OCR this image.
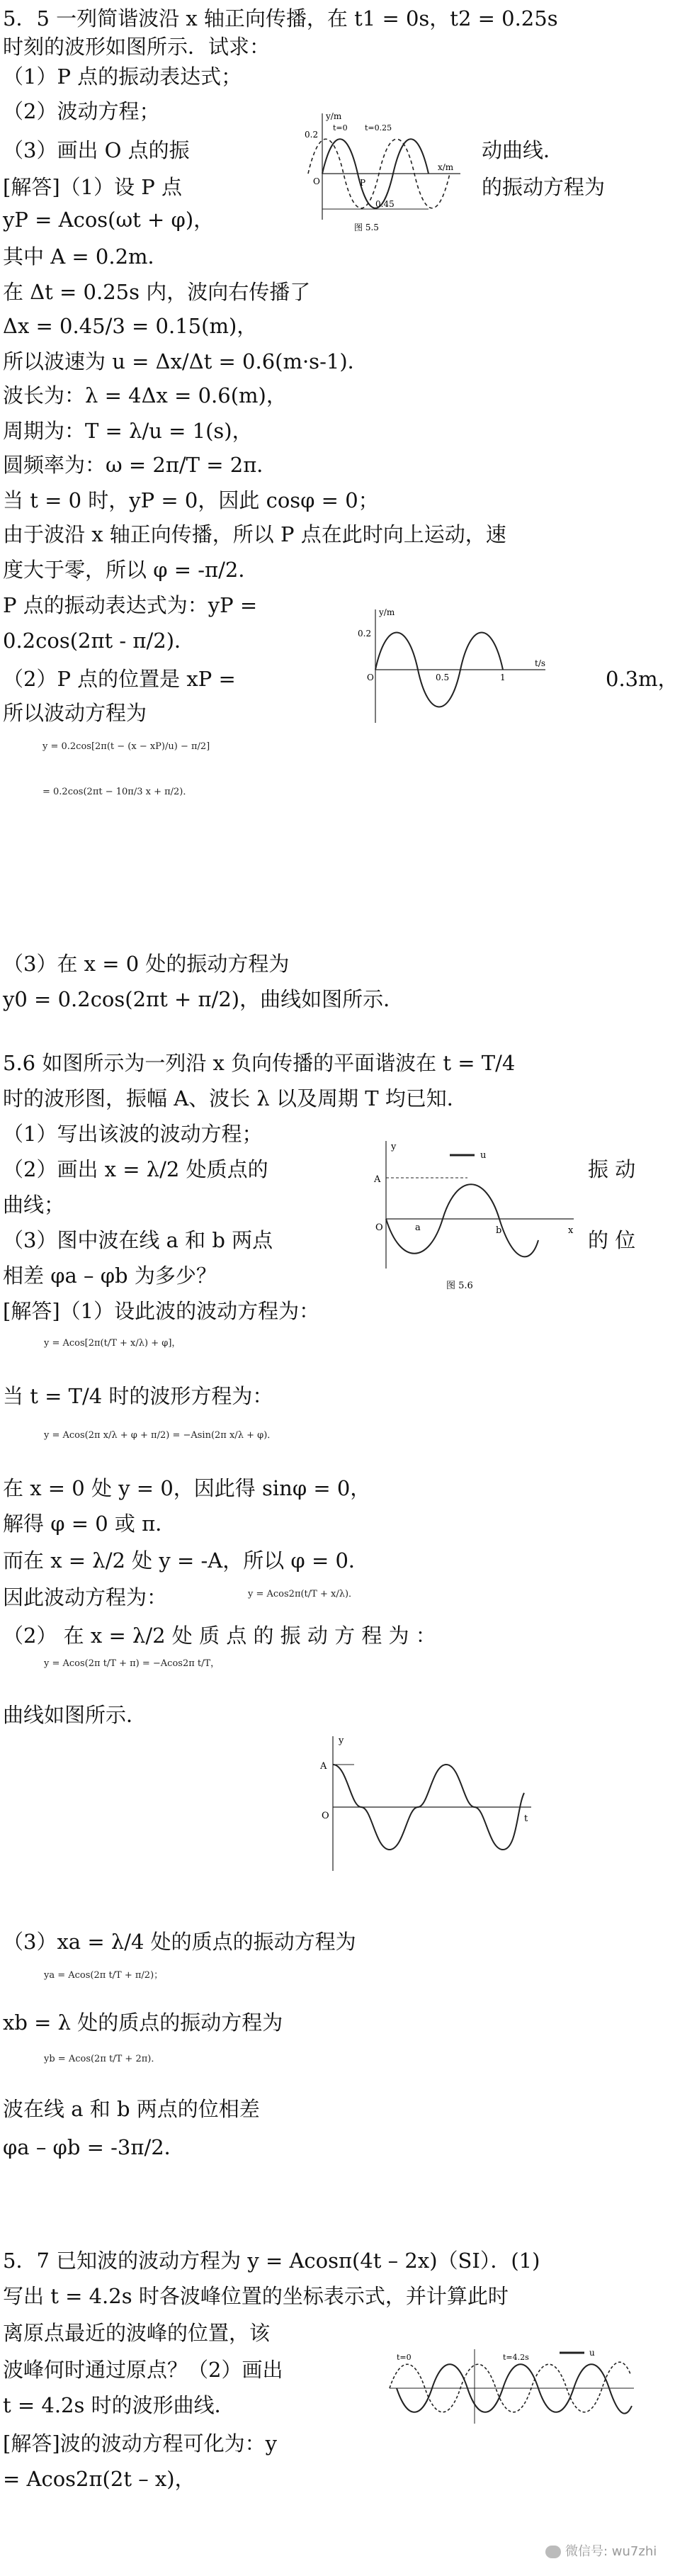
5．5 一列简谐波沿 x 轴正向传播，在 t1 = 0s，t2 = 0.25s
时刻的波形如图所示．试求：
（1）P 点的振动表达式；
（2）波动方程；
（3）画出 O 点的振	动曲线．
[解答]（1）设 P 点	的振动方程为
yP = Acos(ωt + φ)，
其中 A = 0.2m．
在 Δt = 0.25s 内，波向右传播了
Δx = 0.45/3 = 0.15(m)，
所以波速为 u = Δx/Δt = 0.6(m·s-1)．
波长为：λ = 4Δx = 0.6(m)，
周期为：T = λ/u = 1(s)，
圆频率为：ω = 2π/T = 2π．
当 t = 0 时，yP = 0，因此 cosφ = 0；
由于波沿 x 轴正向传播，所以 P 点在此时向上运动，速
度大于零，所以 φ = -π/2．
P 点的振动表达式为：yP =
0.2cos(2πt - π/2)．
（2）P 点的位置是 xP =	0.3m，
所以波动方程为
y = 0.2cos[2π(t − (x − xP)/u) − π/2]
= 0.2cos(2πt − 10π/3 x + π/2)．
（3）在 x = 0 处的振动方程为
y0 = 0.2cos(2πt + π/2)，曲线如图所示．
y/m
x/m
0.2
t=0 t=0.25
O	P
0.45
图 5.5
y/m
t/s
0.2
O	0.5	1
5.6 如图所示为一列沿 x 负向传播的平面谐波在 t = T/4
时的波形图，振幅 A、波长 λ 以及周期 T 均已知．
（1）写出该波的波动方程；
（2）画出 x = λ/2 处质点的	振 动
曲线；
（3）图中波在线 a 和 b 两点	的 位
相差 φa – φb 为多少？
[解答]（1）设此波的波动方程为：
y = Acos[2π(t/T + x/λ) + φ]，
当 t = T/4 时的波形方程为：
y = Acos(2π x/λ + φ + π/2) = −Asin(2π x/λ + φ)．
在 x = 0 处 y = 0，因此得 sinφ = 0，
解得 φ = 0 或 π．
而在 x = λ/2 处 y = -A，所以 φ = 0．
因此波动方程为：	y = Acos2π(t/T + x/λ)．
（2） 在 x = λ/2 处 质 点 的 振 动 方 程 为 ：
y = Acos(2π t/T + π) = −Acos2π t/T，
曲线如图所示．
（3）xa = λ/4 处的质点的振动方程为
ya = Acos(2π t/T + π/2)；
xb = λ 处的质点的振动方程为
yb = Acos(2π t/T + 2π)．
波在线 a 和 b 两点的位相差
φa – φb = -3π/2．
y
x
A
O	a	b
u
图 5.6
y
t
A
O
5．7 已知波的波动方程为 y = Acosπ(4t – 2x)（SI）．(1)
写出 t = 4.2s 时各波峰位置的坐标表示式，并计算此时
离原点最近的波峰的位置，该
波峰何时通过原点？（2）画出
t = 4.2s 时的波形曲线．
[解答]波的波动方程可化为：y
= Acos2π(2t – x)，
t=0	t=4.2s	u
微信号: wu7zhi
